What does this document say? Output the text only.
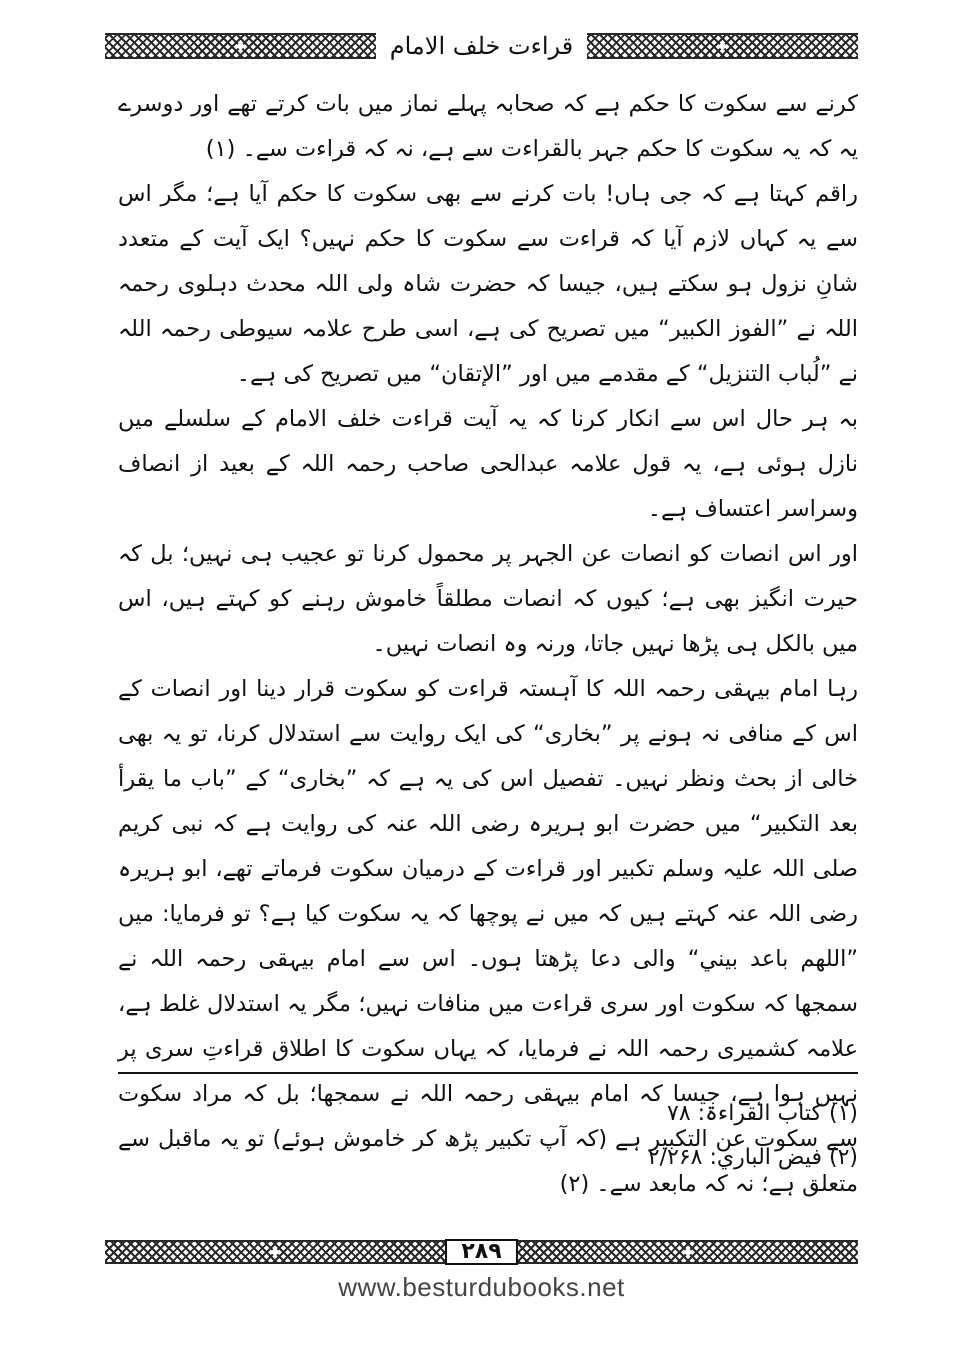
قراءت خلف الامام

کرنے سے سکوت کا حکم ہے کہ صحابہ پہلے نماز میں بات کرتے تھے اور دوسرے یہ کہ یہ سکوت کا حکم جہر بالقراءت سے ہے، نہ کہ قراءت سے۔ (۱)

راقم کہتا ہے کہ جی ہاں! بات کرنے سے بھی سکوت کا حکم آیا ہے؛ مگر اس سے یہ کہاں لازم آیا کہ قراءت سے سکوت کا حکم نہیں؟ ایک آیت کے متعدد شانِ نزول ہو سکتے ہیں، جیسا کہ حضرت شاہ ولی اللہ محدث دہلوی رحمہ اللہ نے ”الفوز الکبیر“ میں تصریح کی ہے، اسی طرح علامہ سیوطی رحمہ اللہ نے ”لُباب التنزیل“ کے مقدمے میں اور ”الإتقان“ میں تصریح کی ہے۔

بہ ہر حال اس سے انکار کرنا کہ یہ آیت قراءت خلف الامام کے سلسلے میں نازل ہوئی ہے، یہ قول علامہ عبدالحی صاحب رحمہ اللہ کے بعید از انصاف وسراسر اعتساف ہے۔

اور اس انصات کو انصات عن الجہر پر محمول کرنا تو عجیب ہی نہیں؛ بل کہ حیرت انگیز بھی ہے؛ کیوں کہ انصات مطلقاً خاموش رہنے کو کہتے ہیں، اس میں بالکل ہی پڑھا نہیں جاتا، ورنہ وہ انصات نہیں۔

رہا امام بیہقی رحمہ اللہ کا آہستہ قراءت کو سکوت قرار دینا اور انصات کے اس کے منافی نہ ہونے پر ”بخاری“ کی ایک روایت سے استدلال کرنا، تو یہ بھی خالی از بحث ونظر نہیں۔ تفصیل اس کی یہ ہے کہ ”بخاری“ کے ”باب ما یقرأ بعد التکبیر“ میں حضرت ابو ہریرہ رضی اللہ عنہ کی روایت ہے کہ نبی کریم صلی اللہ علیہ وسلم تکبیر اور قراءت کے درمیان سکوت فرماتے تھے، ابو ہریرہ رضی اللہ عنہ کہتے ہیں کہ میں نے پوچھا کہ یہ سکوت کیا ہے؟ تو فرمایا: میں ”اللھم باعد بیني“ والی دعا پڑھتا ہوں۔ اس سے امام بیہقی رحمہ اللہ نے سمجھا کہ سکوت اور سری قراءت میں منافات نہیں؛ مگر یہ استدلال غلط ہے، علامہ کشمیری رحمہ اللہ نے فرمایا، کہ یہاں سکوت کا اطلاق قراءتِ سری پر نہیں ہوا ہے، جیسا کہ امام بیہقی رحمہ اللہ نے سمجھا؛ بل کہ مراد سکوت سے سکوت عن التکبیر ہے (کہ آپ تکبیر پڑھ کر خاموش ہوئے) تو یہ ماقبل سے متعلق ہے؛ نہ کہ مابعد سے۔ (۲)

(۱) کتاب القراءۃ: ۷۸
(۲) فیض الباري: ۲/۲۶۸
۲۸۹
www.besturdubooks.net
